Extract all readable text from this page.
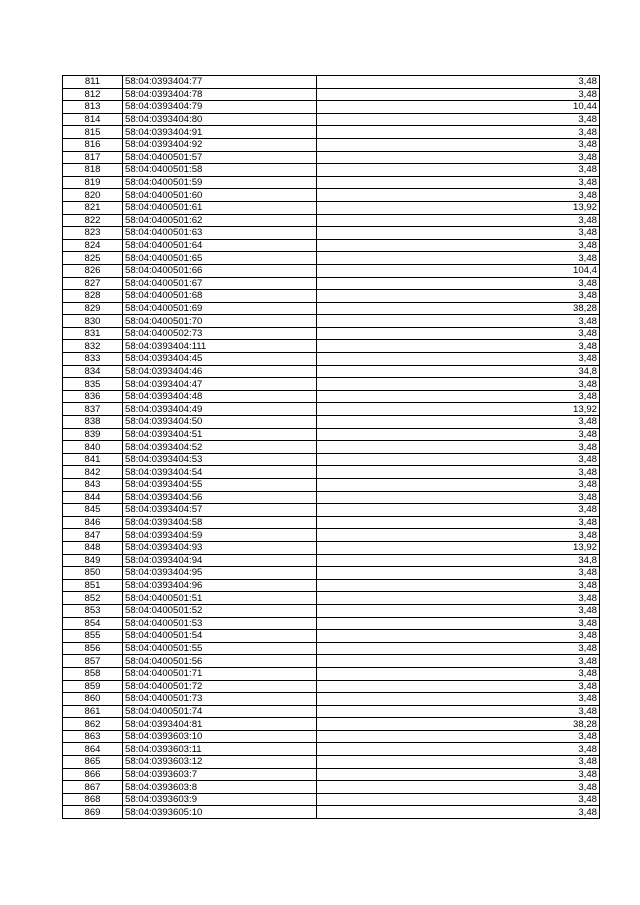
811	58:04:0393404:77	3,48
812	58:04:0393404:78	3,48
813	58:04:0393404:79	10,44
814	58:04:0393404:80	3,48
815	58:04:0393404:91	3,48
816	58:04:0393404:92	3,48
817	58:04:0400501:57	3,48
818	58:04:0400501:58	3,48
819	58:04:0400501:59	3,48
820	58:04:0400501:60	3,48
821	58:04:0400501:61	13,92
822	58:04:0400501:62	3,48
823	58:04:0400501:63	3,48
824	58:04:0400501:64	3,48
825	58:04:0400501:65	3,48
826	58:04:0400501:66	104,4
827	58:04:0400501:67	3,48
828	58:04:0400501:68	3,48
829	58:04:0400501:69	38,28
830	58:04:0400501:70	3,48
831	58:04:0400502:73	3,48
832	58:04:0393404:111	3,48
833	58:04:0393404:45	3,48
834	58:04:0393404:46	34,8
835	58:04:0393404:47	3,48
836	58:04:0393404:48	3,48
837	58:04:0393404:49	13,92
838	58:04:0393404:50	3,48
839	58:04:0393404:51	3,48
840	58:04:0393404:52	3,48
841	58:04:0393404:53	3,48
842	58:04:0393404:54	3,48
843	58:04:0393404:55	3,48
844	58:04:0393404:56	3,48
845	58:04:0393404:57	3,48
846	58:04:0393404:58	3,48
847	58:04:0393404:59	3,48
848	58:04:0393404:93	13,92
849	58:04:0393404:94	34,8
850	58:04:0393404:95	3,48
851	58:04:0393404:96	3,48
852	58:04:0400501:51	3,48
853	58:04:0400501:52	3,48
854	58:04:0400501:53	3,48
855	58:04:0400501:54	3,48
856	58:04:0400501:55	3,48
857	58:04:0400501:56	3,48
858	58:04:0400501:71	3,48
859	58:04:0400501:72	3,48
860	58:04:0400501:73	3,48
861	58:04:0400501:74	3,48
862	58:04:0393404:81	38,28
863	58:04:0393603:10	3,48
864	58:04:0393603:11	3,48
865	58:04:0393603:12	3,48
866	58:04:0393603:7	3,48
867	58:04:0393603:8	3,48
868	58:04:0393603:9	3,48
869	58:04:0393605:10	3,48
